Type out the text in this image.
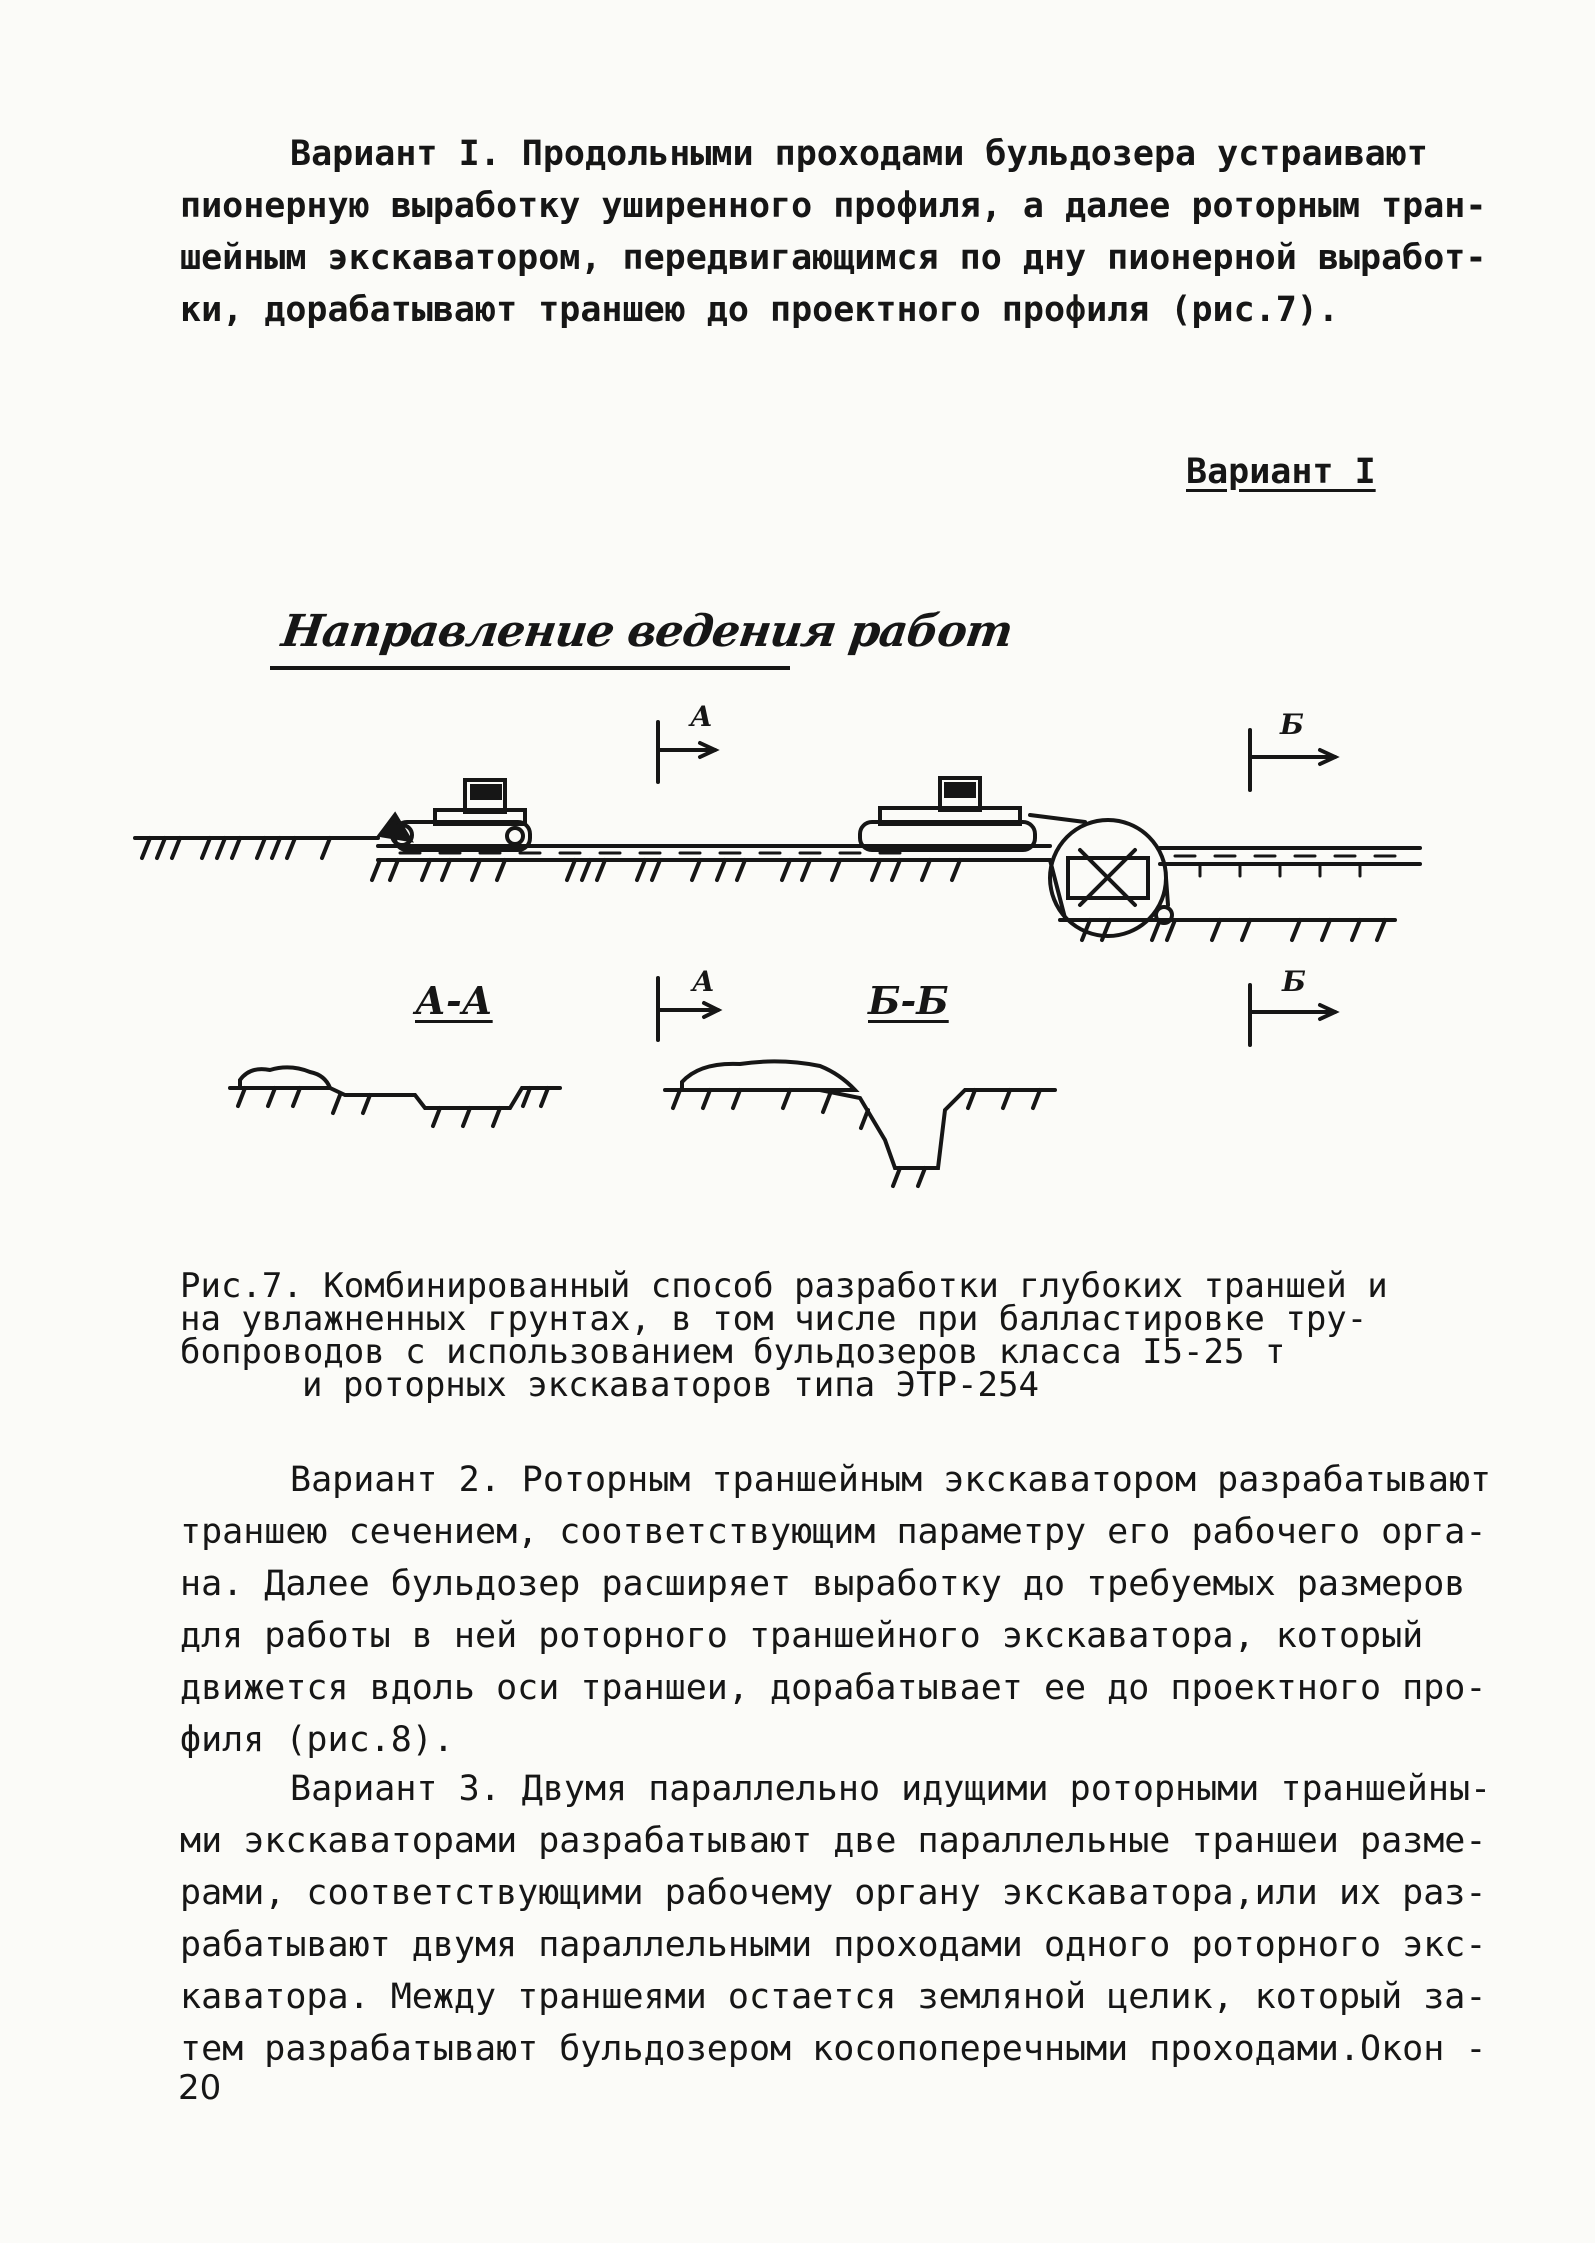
Вариант I. Продольными проходами бульдозера устраивают
пионерную выработку уширенного профиля, а далее роторным тран-
шейным экскаватором, передвигающимся по дну пионерной выработ-
ки, дорабатывают траншею до проектного профиля (рис.7).
Вариант I
Направление ведения работ
А	Б
А	Б
А-А	Б-Б
Рис.7. Комбинированный способ разработки глубоких траншей и
на увлажненных грунтах, в том числе при балластировке тру-
бопроводов с использованием бульдозеров класса I5-25 т
и роторных экскаваторов типа ЭТР-254
Вариант 2. Роторным траншейным экскаватором разрабатывают
траншею сечением, соответствующим параметру его рабочего орга-
на. Далее бульдозер расширяет выработку до требуемых размеров
для работы в ней роторного траншейного экскаватора, который
движется вдоль оси траншеи, дорабатывает ее до проектного про-
филя (рис.8).
Вариант 3. Двумя параллельно идущими роторными траншейны-
ми экскаваторами разрабатывают две параллельные траншеи разме-
рами, соответствующими рабочему органу экскаватора,или их раз-
рабатывают двумя параллельными проходами одного роторного экс-
каватора. Между траншеями остается земляной целик, который за-
тем разрабатывают бульдозером косопоперечными проходами.Окон -
20
